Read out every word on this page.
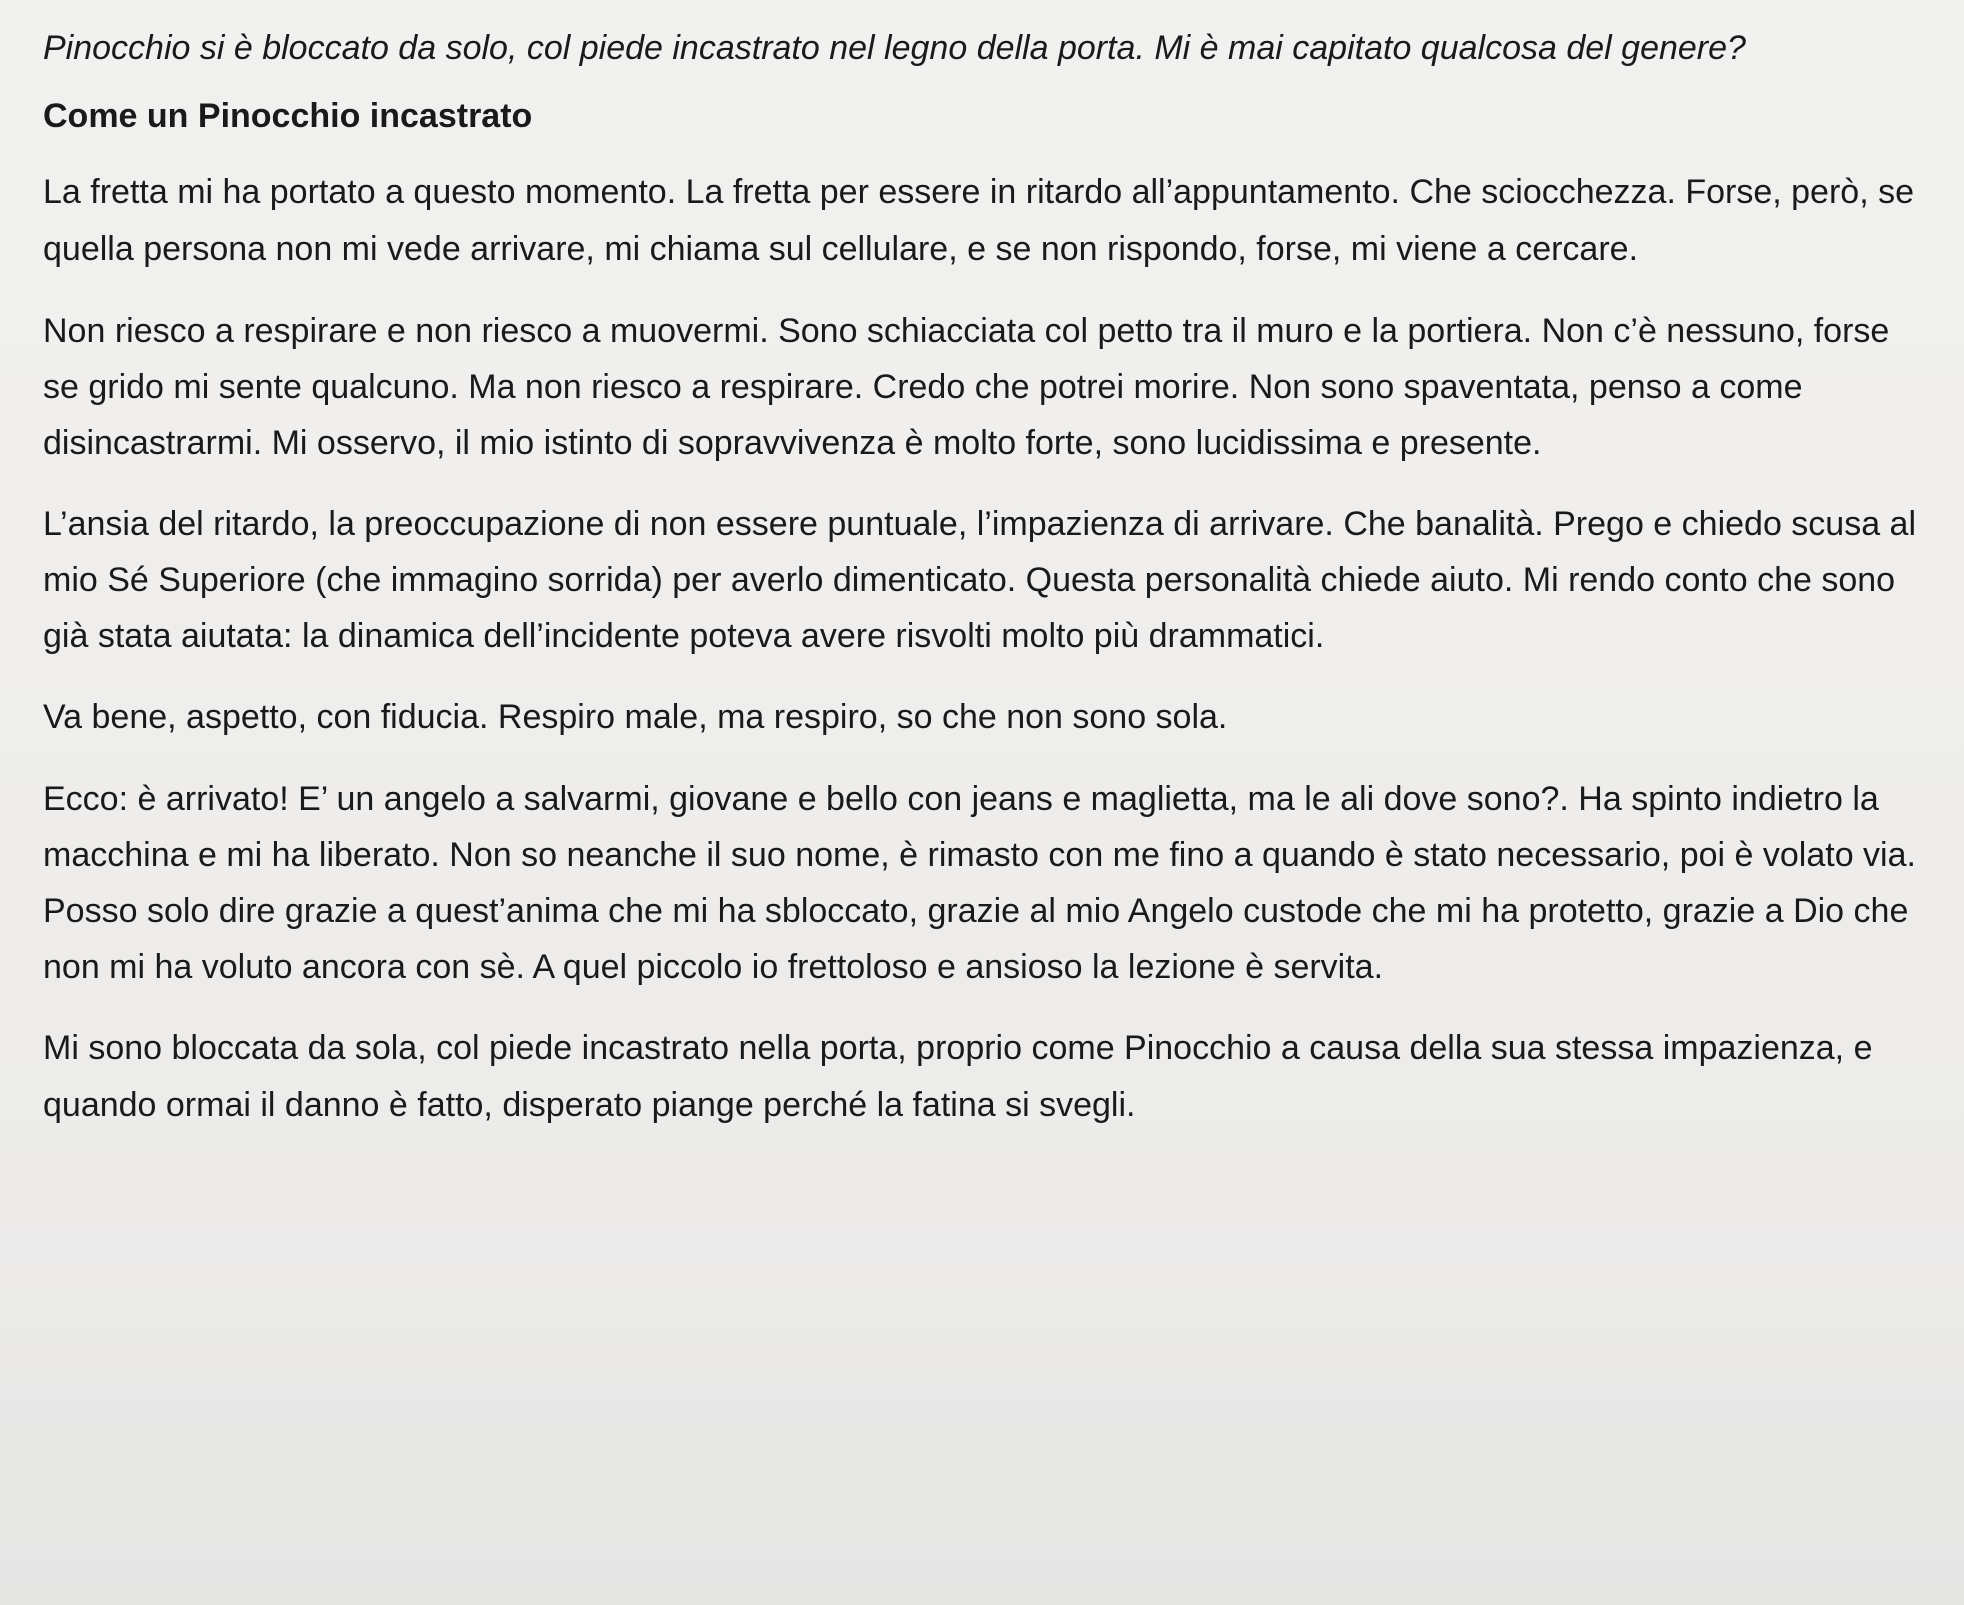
Pinocchio si è bloccato da solo, col piede incastrato nel legno della porta. Mi è mai capitato qualcosa del genere?

Come un Pinocchio incastrato

La fretta mi ha portato a questo momento. La fretta per essere in ritardo all’appuntamento. Che sciocchezza. Forse, però, se quella persona non mi vede arrivare, mi chiama sul cellulare, e se non rispondo, forse, mi viene a cercare.

Non riesco a respirare e non riesco a muovermi. Sono schiacciata col petto tra il muro e la portiera. Non c’è nessuno, forse se grido mi sente qualcuno. Ma non riesco a respirare. Credo che potrei morire. Non sono spaventata, penso a come disincastrarmi. Mi osservo, il mio istinto di sopravvivenza è molto forte, sono lucidissima e presente.

L’ansia del ritardo, la preoccupazione di non essere puntuale, l’impazienza di arrivare. Che banalità. Prego e chiedo scusa al mio Sé Superiore (che immagino sorrida) per averlo dimenticato. Questa personalità chiede aiuto. Mi rendo conto che sono già stata aiutata: la dinamica dell’incidente poteva avere risvolti molto più drammatici.

Va bene, aspetto, con fiducia. Respiro male, ma respiro, so che non sono sola.

Ecco: è arrivato! E’ un angelo a salvarmi, giovane e bello con jeans e maglietta, ma le ali dove sono?. Ha spinto indietro la macchina e mi ha liberato. Non so neanche il suo nome, è rimasto con me fino a quando è stato necessario, poi è volato via. Posso solo dire grazie a quest’anima che mi ha sbloccato, grazie al mio Angelo custode che mi ha protetto, grazie a Dio che non mi ha voluto ancora con sè. A quel piccolo io frettoloso e ansioso la lezione è servita.

Mi sono bloccata da sola, col piede incastrato nella porta, proprio come Pinocchio a causa della sua stessa impazienza, e quando ormai il danno è fatto, disperato piange perché la fatina si svegli.
